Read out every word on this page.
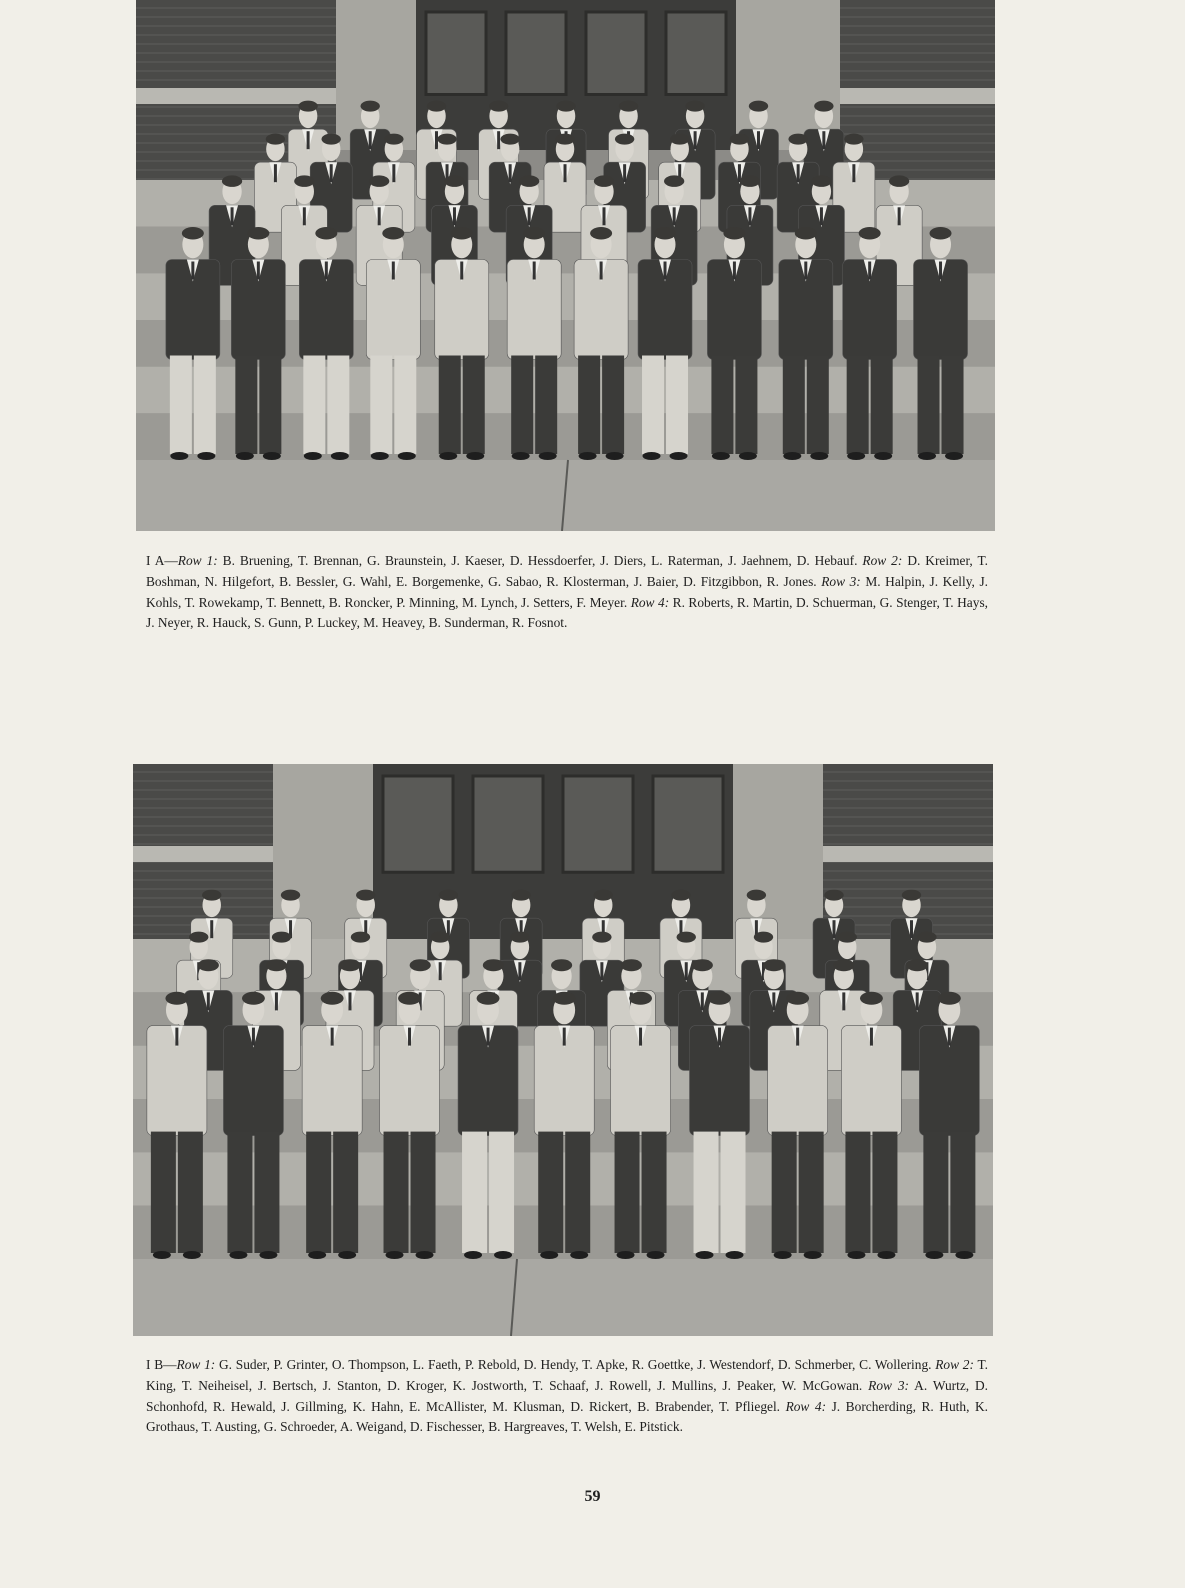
I A—Row 1: B. Bruening, T. Brennan, G. Braunstein, J. Kaeser, D. Hessdoerfer, J. Diers, L. Raterman, J. Jaehnem, D. Hebauf. Row 2: D. Kreimer, T. Boshman, N. Hilgefort, B. Bessler, G. Wahl, E. Borgemenke, G. Sabao, R. Klosterman, J. Baier, D. Fitzgibbon, R. Jones. Row 3: M. Halpin, J. Kelly, J. Kohls, T. Rowekamp, T. Bennett, B. Roncker, P. Minning, M. Lynch, J. Setters, F. Meyer. Row 4: R. Roberts, R. Martin, D. Schuerman, G. Stenger, T. Hays, J. Neyer, R. Hauck, S. Gunn, P. Luckey, M. Heavey, B. Sunderman, R. Fosnot.

I B—Row 1: G. Suder, P. Grinter, O. Thompson, L. Faeth, P. Rebold, D. Hendy, T. Apke, R. Goettke, J. Westendorf, D. Schmerber, C. Wollering. Row 2: T. King, T. Neiheisel, J. Bertsch, J. Stanton, D. Kroger, K. Jostworth, T. Schaaf, J. Rowell, J. Mullins, J. Peaker, W. McGowan. Row 3: A. Wurtz, D. Schonhofd, R. Hewald, J. Gillming, K. Hahn, E. McAllister, M. Klusman, D. Rickert, B. Brabender, T. Pfliegel. Row 4: J. Borcherding, R. Huth, K. Grothaus, T. Austing, G. Schroeder, A. Weigand, D. Fischesser, B. Hargreaves, T. Welsh, E. Pitstick.

59
